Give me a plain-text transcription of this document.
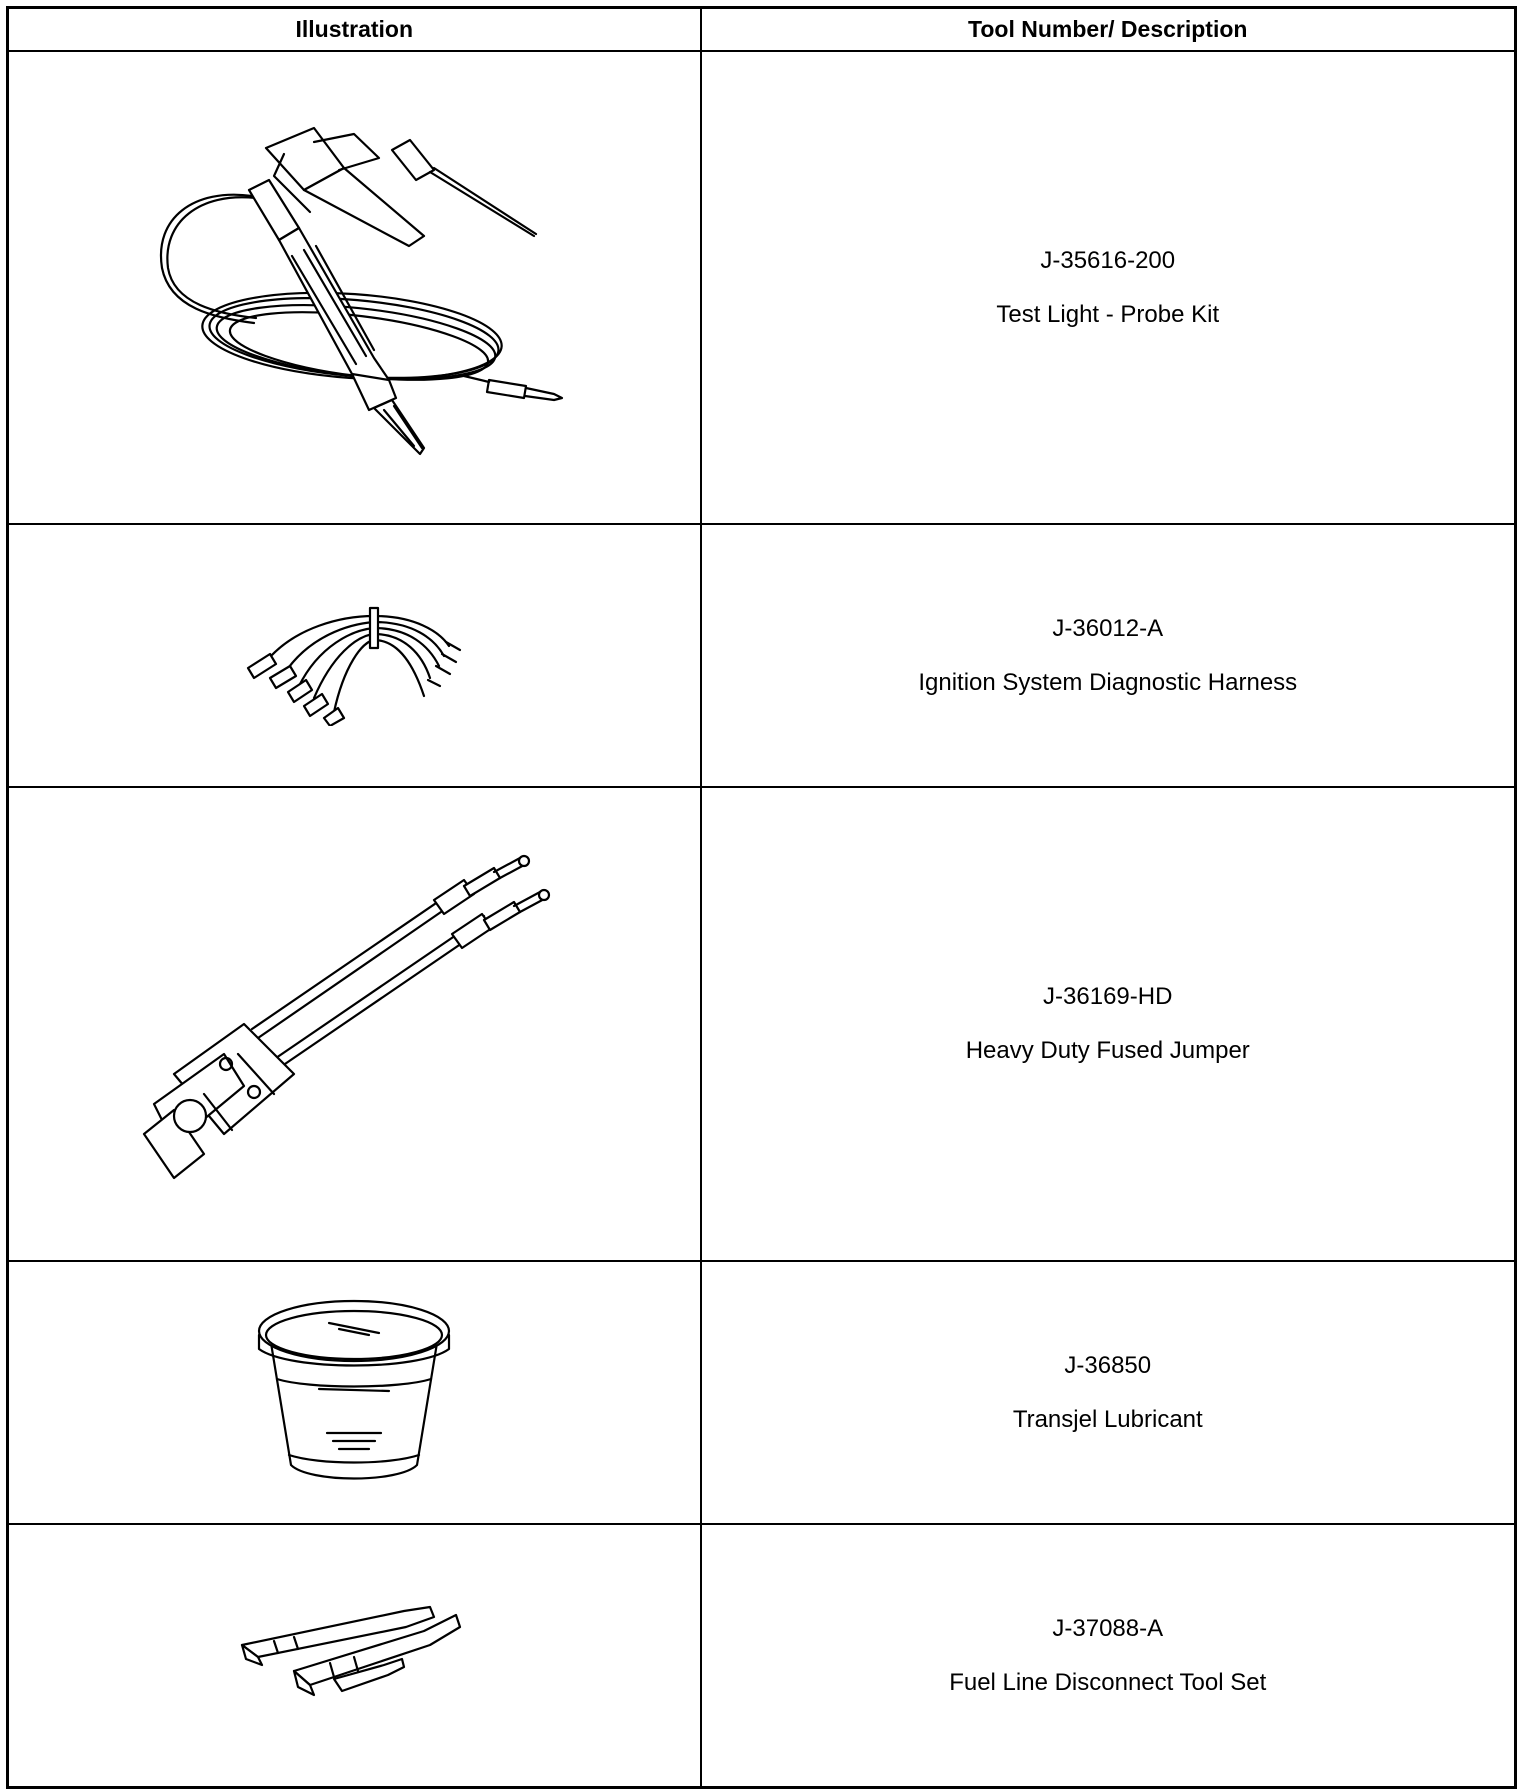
Illustration	Tool Number/ Description

J-35616-200
Test Light - Probe Kit

J-36012-A
Ignition System Diagnostic Harness

J-36169-HD
Heavy Duty Fused Jumper

J-36850
Transjel Lubricant

J-37088-A
Fuel Line Disconnect Tool Set
